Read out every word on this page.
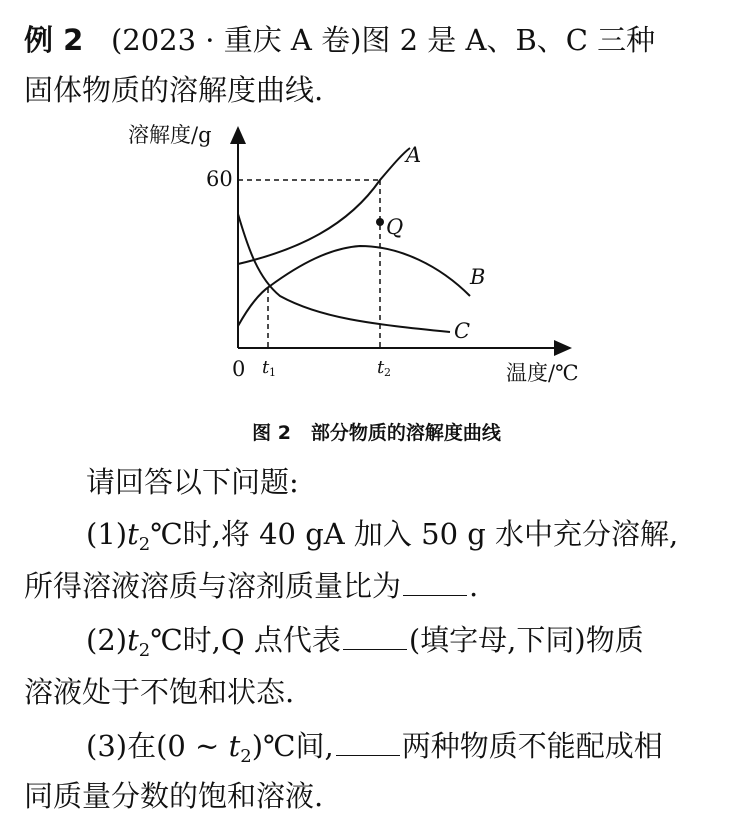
例 2 (2023 · 重庆 A 卷)图 2 是 A、B、C 三种
固体物质的溶解度曲线.
溶解度/g
温度/℃
0
60
t 1	t 2
A
B
C
Q
图 2 部分物质的溶解度曲线
请回答以下问题:
$(1)t_2℃$时,将 40 gA 加入 50 g 水中充分溶解,
所得溶液溶质与溶剂质量比为 .
$(2)t_2℃$时,Q 点代表 (填字母,下同)物质
溶液处于不饱和状态.
(3)在(0 ~ $t_2)℃$间, 两种物质不能配成相
同质量分数的饱和溶液.
